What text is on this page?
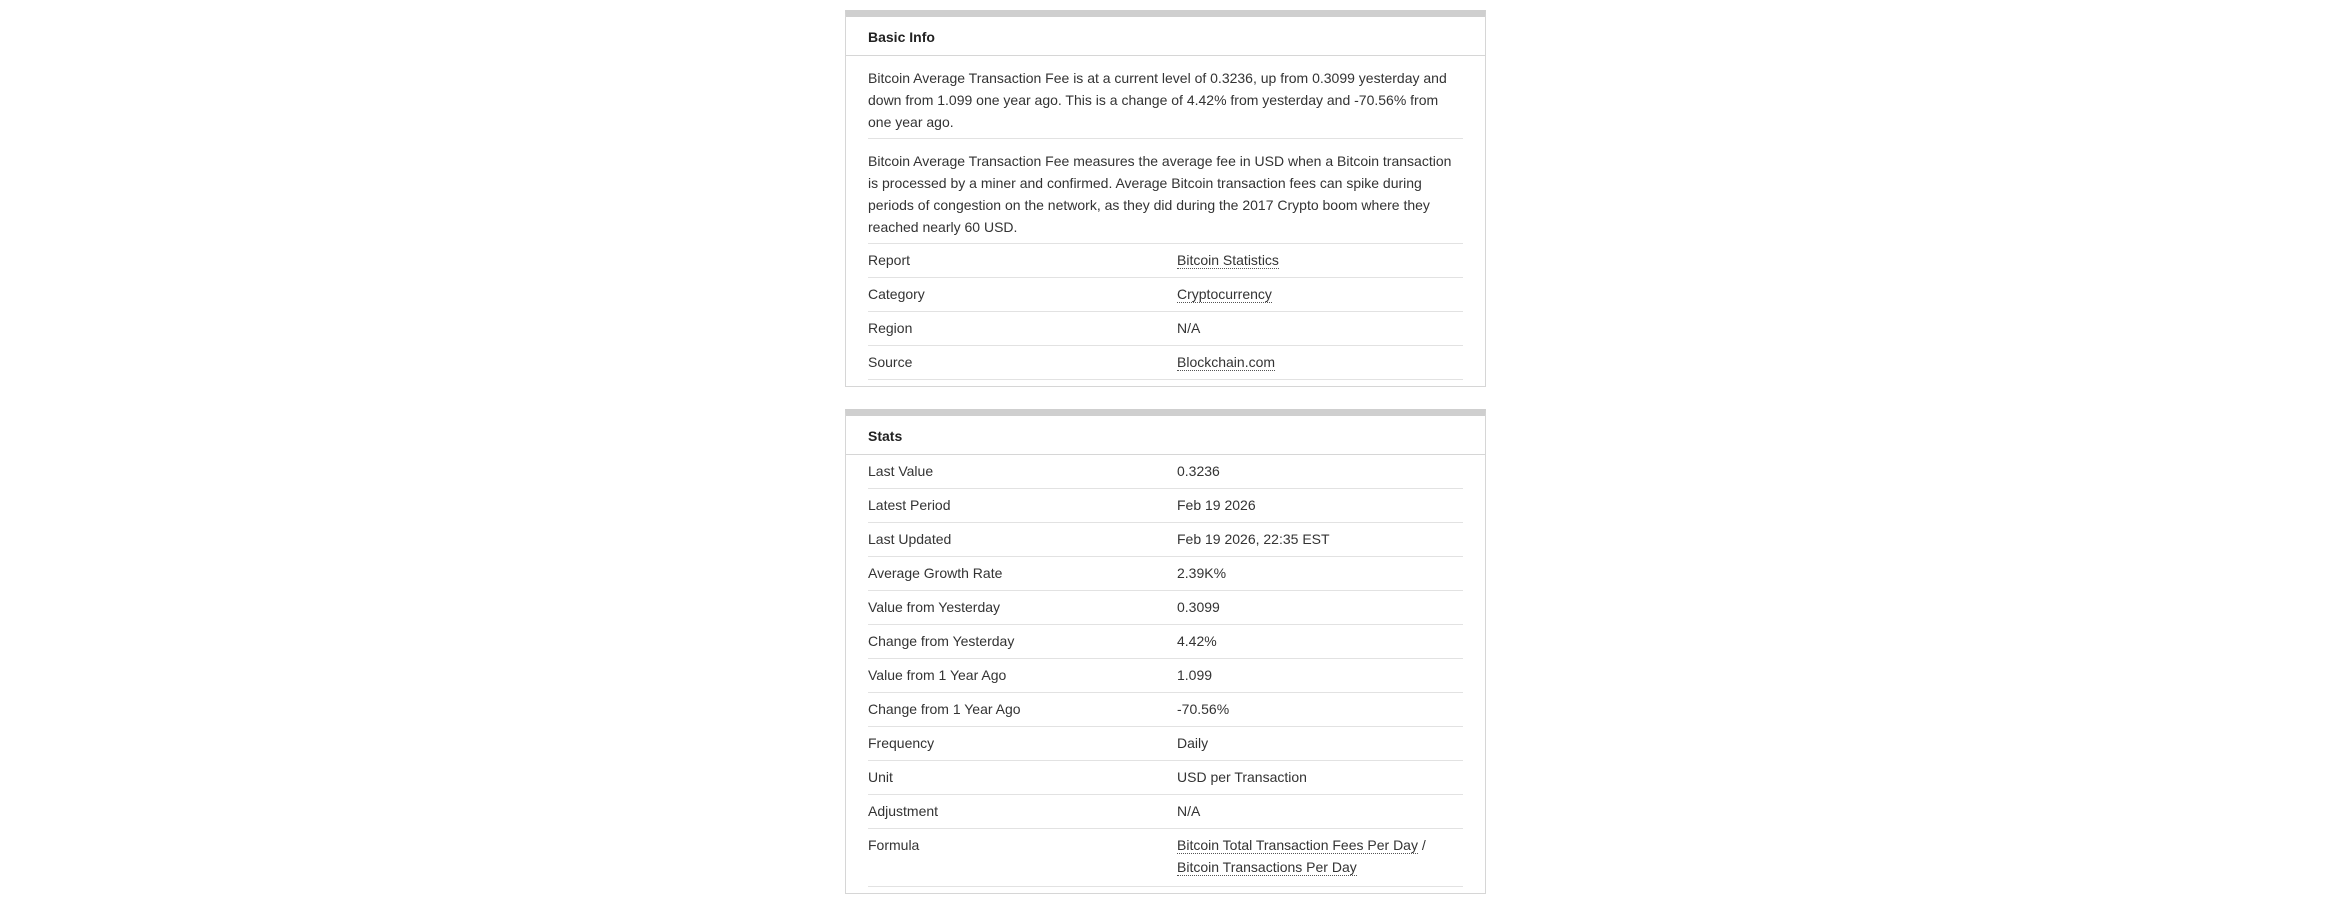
Basic Info
Bitcoin Average Transaction Fee is at a current level of 0.3236, up from 0.3099 yesterday and down from 1.099 one year ago. This is a change of 4.42% from yesterday and -70.56% from one year ago.
Bitcoin Average Transaction Fee measures the average fee in USD when a Bitcoin transaction is processed by a miner and confirmed. Average Bitcoin transaction fees can spike during periods of congestion on the network, as they did during the 2017 Crypto boom where they reached nearly 60 USD.
Report	Bitcoin Statistics
Category	Cryptocurrency
Region	N/A
Source	Blockchain.com
Stats
Last Value	0.3236
Latest Period	Feb 19 2026
Last Updated	Feb 19 2026, 22:35 EST
Average Growth Rate	2.39K%
Value from Yesterday	0.3099
Change from Yesterday	4.42%
Value from 1 Year Ago	1.099
Change from 1 Year Ago	-70.56%
Frequency	Daily
Unit	USD per Transaction
Adjustment	N/A
Formula	Bitcoin Total Transaction Fees Per Day / Bitcoin Transactions Per Day
